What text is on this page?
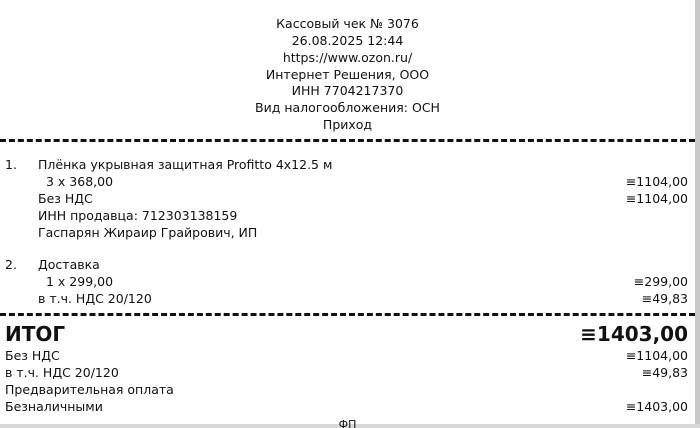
Кассовый чек № 3076
26.08.2025 12:44
https://www.ozon.ru/
Интернет Решения, ООО
ИНН 7704217370
Вид налогообложения: ОСН
Приход
1. Плёнка укрывная защитная Profitto 4x12.5 м
3 x 368,00	≡1104,00
Без НДС	≡1104,00
ИНН продавца: 712303138159
Гаспарян Жираир Грайрович, ИП
2. Доставка
1 x 299,00	≡299,00
в т.ч. НДС 20/120	≡49,83
ИТОГ	≡1403,00
Без НДС	≡1104,00
в т.ч. НДС 20/120	≡49,83
Предварительная оплата
Безналичными	≡1403,00
ФП
